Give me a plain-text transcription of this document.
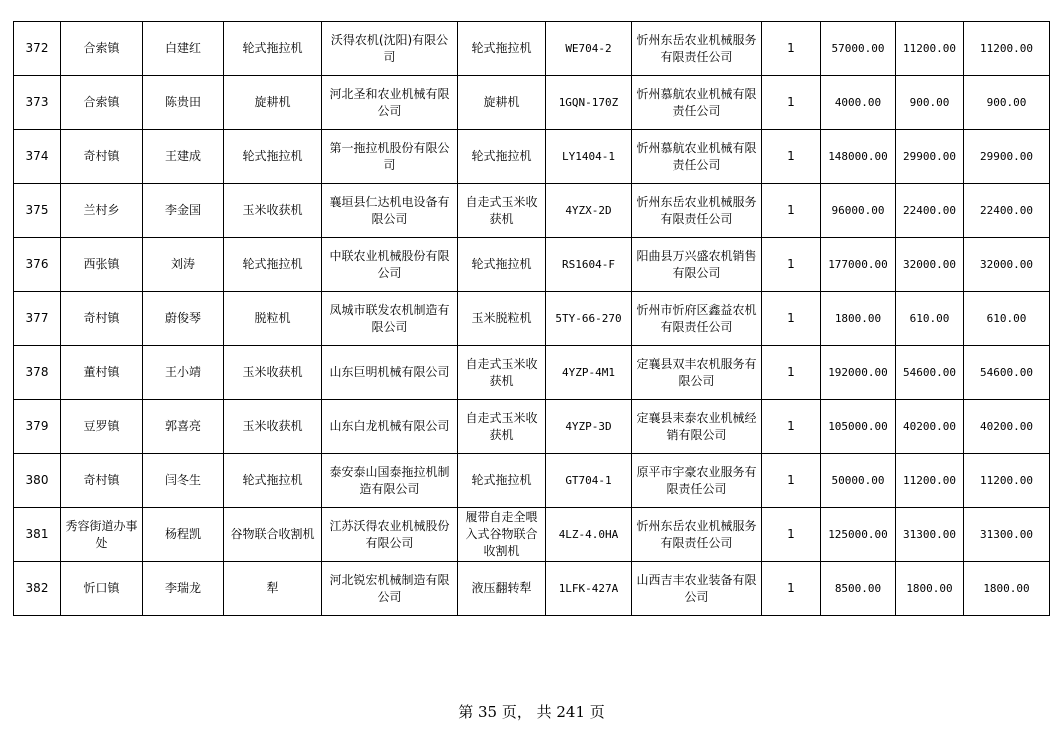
372	合索镇	白建红	轮式拖拉机	沃得农机(沈阳)有限公司	轮式拖拉机	WE704-2	忻州东岳农业机械服务有限责任公司	1	57000.00	11200.00	11200.00
373	合索镇	陈贵田	旋耕机	河北圣和农业机械有限公司	旋耕机	1GQN-170Z	忻州慕航农业机械有限责任公司	1	4000.00	900.00	900.00
374	奇村镇	王建成	轮式拖拉机	第一拖拉机股份有限公司	轮式拖拉机	LY1404-1	忻州慕航农业机械有限责任公司	1	148000.00	29900.00	29900.00
375	兰村乡	李金国	玉米收获机	襄垣县仁达机电设备有限公司	自走式玉米收获机	4YZX-2D	忻州东岳农业机械服务有限责任公司	1	96000.00	22400.00	22400.00
376	西张镇	刘涛	轮式拖拉机	中联农业机械股份有限公司	轮式拖拉机	RS1604-F	阳曲县万兴盛农机销售有限公司	1	177000.00	32000.00	32000.00
377	奇村镇	蔚俊琴	脱粒机	凤城市联发农机制造有限公司	玉米脱粒机	5TY-66-270	忻州市忻府区鑫益农机有限责任公司	1	1800.00	610.00	610.00
378	董村镇	王小靖	玉米收获机	山东巨明机械有限公司	自走式玉米收获机	4YZP-4M1	定襄县双丰农机服务有限公司	1	192000.00	54600.00	54600.00
379	豆罗镇	郭喜亮	玉米收获机	山东白龙机械有限公司	自走式玉米收获机	4YZP-3D	定襄县耒泰农业机械经销有限公司	1	105000.00	40200.00	40200.00
380	奇村镇	闫冬生	轮式拖拉机	泰安泰山国泰拖拉机制造有限公司	轮式拖拉机	GT704-1	原平市宇豪农业服务有限责任公司	1	50000.00	11200.00	11200.00
381	秀容街道办事处	杨程凯	谷物联合收割机	江苏沃得农业机械股份有限公司	履带自走全喂入式谷物联合收割机	4LZ-4.0HA	忻州东岳农业机械服务有限责任公司	1	125000.00	31300.00	31300.00
382	忻口镇	李瑞龙	犁	河北锐宏机械制造有限公司	液压翻转犁	1LFK-427A	山西吉丰农业装备有限公司	1	8500.00	1800.00	1800.00
第 35 页， 共 241 页
